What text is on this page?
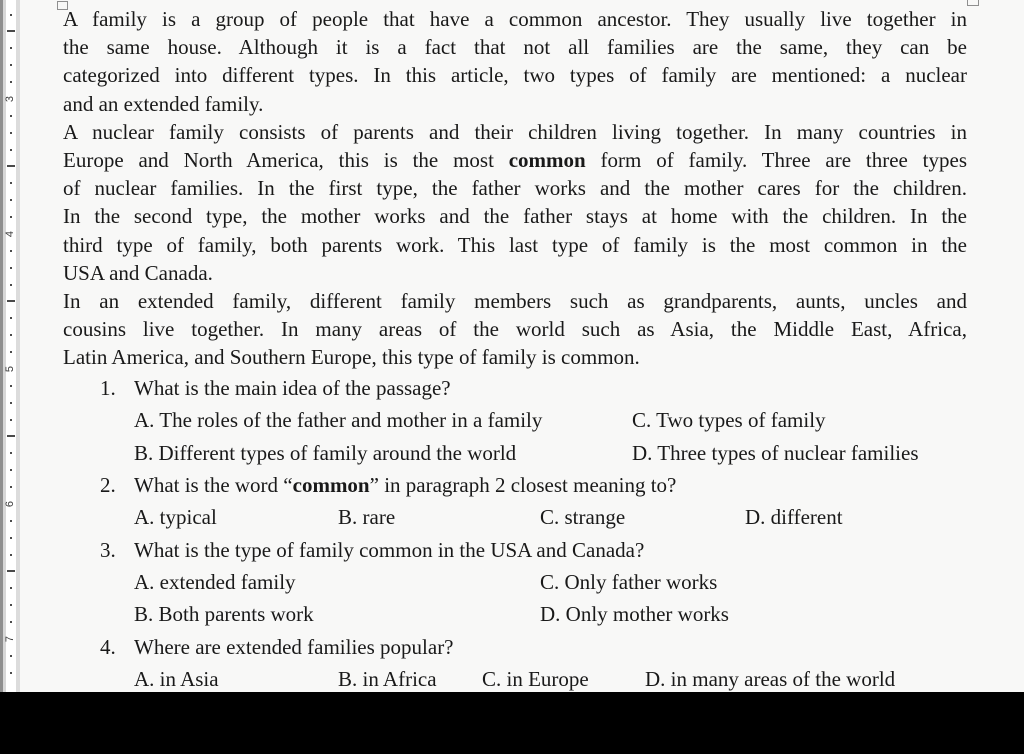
3
4
5
6
7
A family is a group of people that have a common ancestor. They usually live together in
the same house. Although it is a fact that not all families are the same, they can be
categorized into different types. In this article, two types of family are mentioned: a nuclear
and an extended family.
A nuclear family consists of parents and their children living together. In many countries in
Europe and North America, this is the most common form of family. Three are three types
of nuclear families. In the first type, the father works and the mother cares for the children.
In the second type, the mother works and the father stays at home with the children. In the
third type of family, both parents work. This last type of family is the most common in the
USA and Canada.
In an extended family, different family members such as grandparents, aunts, uncles and
cousins live together. In many areas of the world such as Asia, the Middle East, Africa,
Latin America, and Southern Europe, this type of family is common.
1. What is the main idea of the passage?
A. The roles of the father and mother in a family	C. Two types of family
B. Different types of family around the world	D. Three types of nuclear families
2. What is the word “common” in paragraph 2 closest meaning to?
A. typical	B. rare	C. strange	D. different
3. What is the type of family common in the USA and Canada?
A. extended family	C. Only father works
B. Both parents work	D. Only mother works
4. Where are extended families popular?
A. in Asia	B. in Africa C. in Europe	D. in many areas of the world
